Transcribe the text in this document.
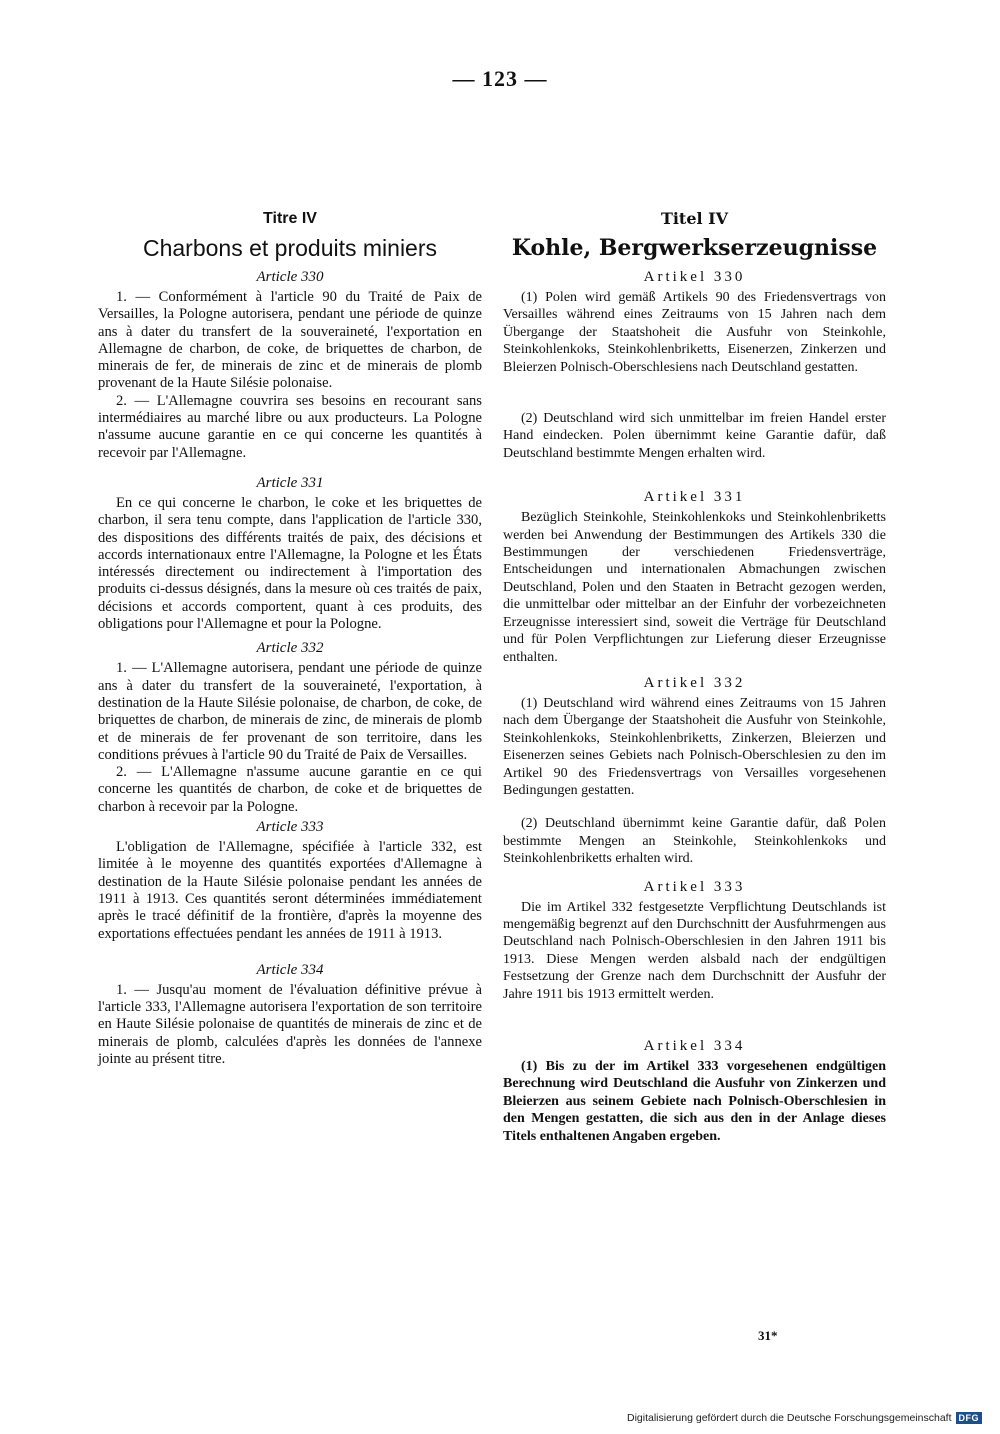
— 123 —
Titre IV
Charbons et produits miniers
Article 330

1. — Conformément à l'article 90 du Traité de Paix de Versailles, la Pologne autorisera, pendant une période de quinze ans à dater du transfert de la souveraineté, l'exportation en Allemagne de charbon, de coke, de briquettes de charbon, de minerais de fer, de minerais de zinc et de minerais de plomb provenant de la Haute Silésie polonaise.

2. — L'Allemagne couvrira ses besoins en recourant sans intermédiaires au marché libre ou aux producteurs. La Pologne n'assume aucune garantie en ce qui concerne les quantités à recevoir par l'Allemagne.

Article 331

En ce qui concerne le charbon, le coke et les briquettes de charbon, il sera tenu compte, dans l'application de l'article 330, des dispositions des différents traités de paix, des décisions et accords internationaux entre l'Allemagne, la Pologne et les États intéressés directement ou indirectement à l'importation des produits ci-dessus désignés, dans la mesure où ces traités de paix, décisions et accords comportent, quant à ces produits, des obligations pour l'Allemagne et pour la Pologne.

Article 332

1. — L'Allemagne autorisera, pendant une période de quinze ans à dater du transfert de la souveraineté, l'exportation, à destination de la Haute Silésie polonaise, de charbon, de coke, de briquettes de charbon, de minerais de zinc, de minerais de plomb et de minerais de fer provenant de son territoire, dans les conditions prévues à l'article 90 du Traité de Paix de Versailles.

2. — L'Allemagne n'assume aucune garantie en ce qui concerne les quantités de charbon, de coke et de briquettes de charbon à recevoir par la Pologne.

Article 333

L'obligation de l'Allemagne, spécifiée à l'article 332, est limitée à le moyenne des quantités exportées d'Allemagne à destination de la Haute Silésie polonaise pendant les années de 1911 à 1913. Ces quantités seront déterminées immédiatement après le tracé définitif de la frontière, d'après la moyenne des exportations effectuées pendant les années de 1911 à 1913.

Article 334

1. — Jusqu'au moment de l'évaluation définitive prévue à l'article 333, l'Allemagne autorisera l'exportation de son territoire en Haute Silésie polonaise de quantités de minerais de zinc et de minerais de plomb, calculées d'après les données de l'annexe jointe au présent titre.

Titel IV
Kohle, Bergwerkserzeugnisse
Artikel 330

(1) Polen wird gemäß Artikels 90 des Friedensvertrags von Versailles während eines Zeitraums von 15 Jahren nach dem Übergange der Staatshoheit die Ausfuhr von Steinkohle, Steinkohlenkoks, Steinkohlenbriketts, Eisenerzen, Zinkerzen und Bleierzen Polnisch-Oberschlesiens nach Deutschland gestatten.

(2) Deutschland wird sich unmittelbar im freien Handel erster Hand eindecken. Polen übernimmt keine Garantie dafür, daß Deutschland bestimmte Mengen erhalten wird.

Artikel 331

Bezüglich Steinkohle, Steinkohlenkoks und Steinkohlenbriketts werden bei Anwendung der Bestimmungen des Artikels 330 die Bestimmungen der verschiedenen Friedensverträge, Entscheidungen und internationalen Abmachungen zwischen Deutschland, Polen und den Staaten in Betracht gezogen werden, die unmittelbar oder mittelbar an der Einfuhr der vorbezeichneten Erzeugnisse interessiert sind, soweit die Verträge für Deutschland und für Polen Verpflichtungen zur Lieferung dieser Erzeugnisse enthalten.

Artikel 332

(1) Deutschland wird während eines Zeitraums von 15 Jahren nach dem Übergange der Staatshoheit die Ausfuhr von Steinkohle, Steinkohlenkoks, Steinkohlenbriketts, Zinkerzen, Bleierzen und Eisenerzen seines Gebiets nach Polnisch-Oberschlesien zu den im Artikel 90 des Friedensvertrags von Versailles vorgesehenen Bedingungen gestatten.

(2) Deutschland übernimmt keine Garantie dafür, daß Polen bestimmte Mengen an Steinkohle, Steinkohlenkoks und Steinkohlenbriketts erhalten wird.

Artikel 333

Die im Artikel 332 festgesetzte Verpflichtung Deutschlands ist mengemäßig begrenzt auf den Durchschnitt der Ausfuhrmengen aus Deutschland nach Polnisch-Oberschlesien in den Jahren 1911 bis 1913. Diese Mengen werden alsbald nach der endgültigen Festsetzung der Grenze nach dem Durchschnitt der Ausfuhr der Jahre 1911 bis 1913 ermittelt werden.

Artikel 334

(1) Bis zu der im Artikel 333 vorgesehenen endgültigen Berechnung wird Deutschland die Ausfuhr von Zinkerzen und Bleierzen aus seinem Gebiete nach Polnisch-Oberschlesien in den Mengen gestatten, die sich aus den in der Anlage dieses Titels enthaltenen Angaben ergeben.

31*
Digitalisierung gefördert durch die Deutsche Forschungsgemeinschaft DFG
